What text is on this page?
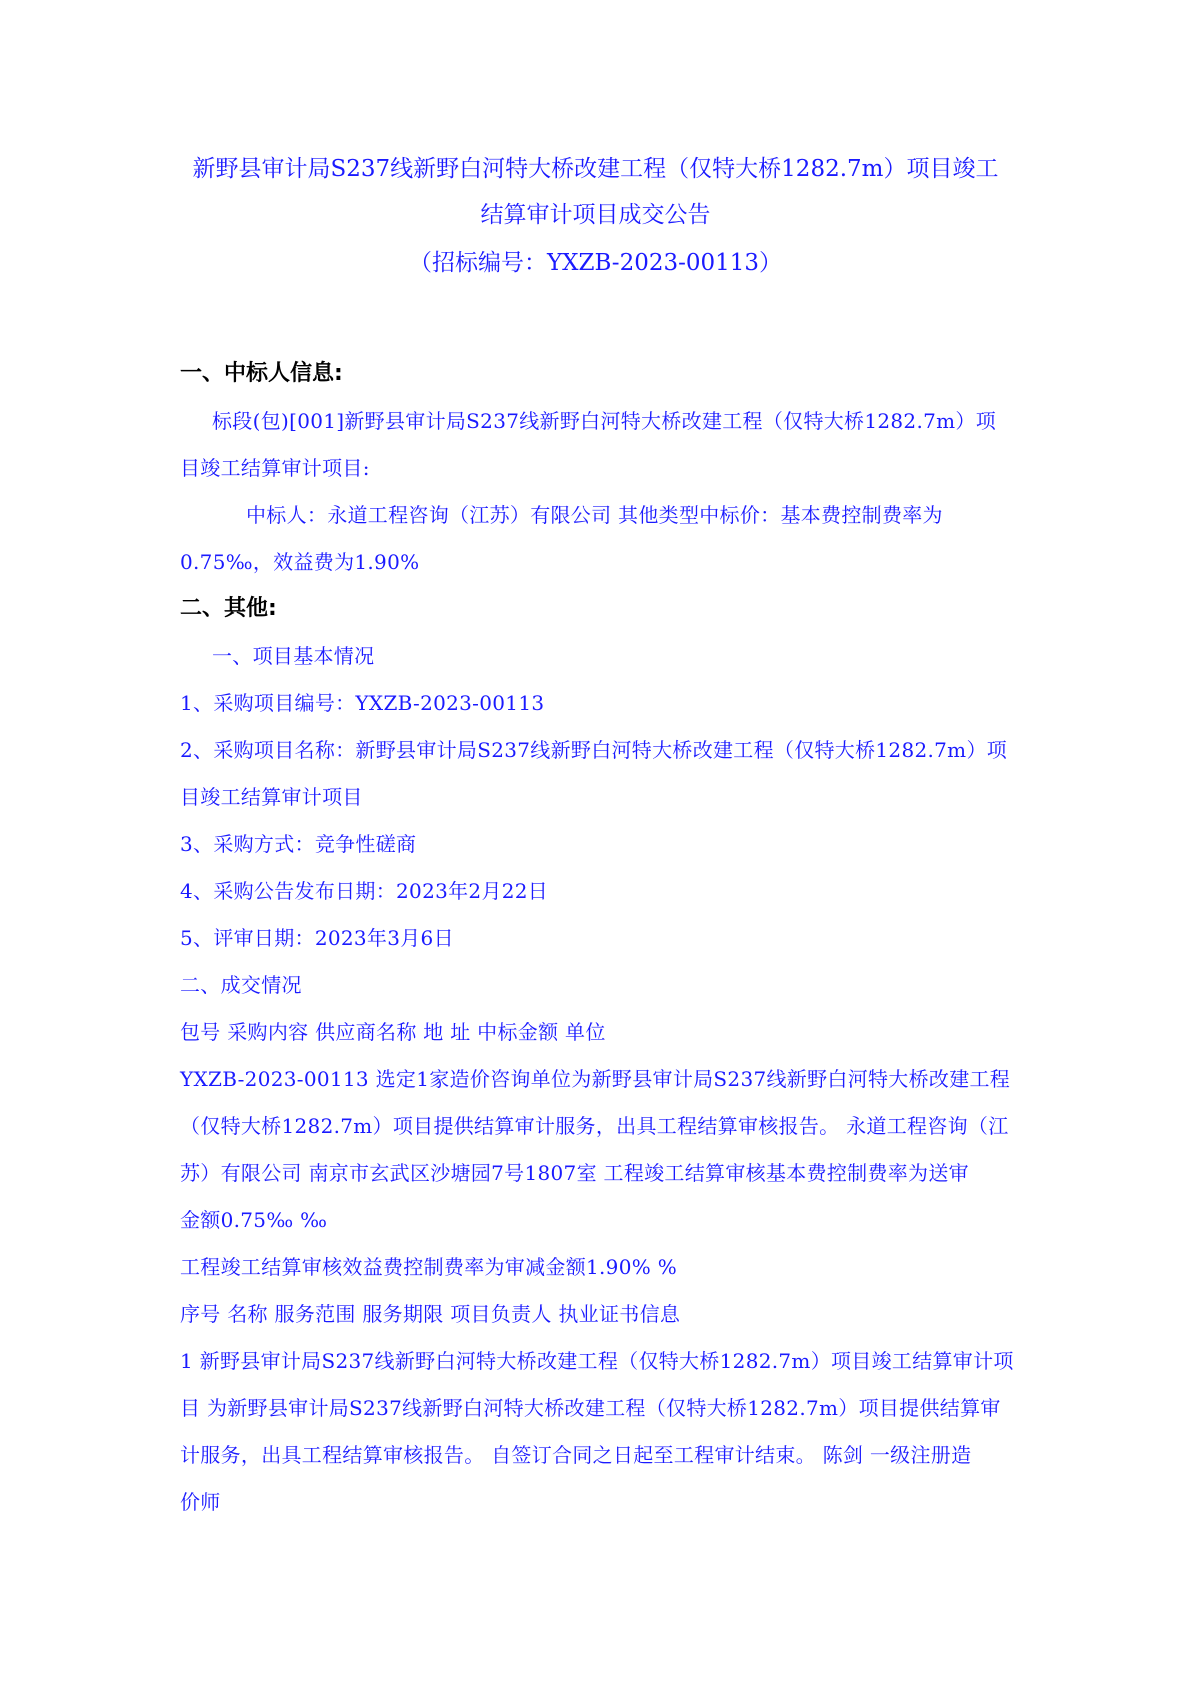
新野县审计局S237线新野白河特大桥改建工程（仅特大桥1282.7m）项目竣工
结算审计项目成交公告
（招标编号：YXZB-2023-00113）
一、中标人信息:
标段(包)[001]新野县审计局S237线新野白河特大桥改建工程（仅特大桥1282.7m）项
目竣工结算审计项目:
中标人：永道工程咨询（江苏）有限公司 其他类型中标价：基本费控制费率为
0.75‰，效益费为1.90%
二、其他:
一、项目基本情况
1、采购项目编号：YXZB-2023-00113
2、采购项目名称：新野县审计局S237线新野白河特大桥改建工程（仅特大桥1282.7m）项
目竣工结算审计项目
3、采购方式：竞争性磋商
4、采购公告发布日期：2023年2月22日
5、评审日期：2023年3月6日
二、成交情况
包号 采购内容 供应商名称 地 址 中标金额 单位
YXZB-2023-00113 选定1家造价咨询单位为新野县审计局S237线新野白河特大桥改建工程
（仅特大桥1282.7m）项目提供结算审计服务，出具工程结算审核报告。 永道工程咨询（江
苏）有限公司 南京市玄武区沙塘园7号1807室 工程竣工结算审核基本费控制费率为送审
金额0.75‰ ‰
工程竣工结算审核效益费控制费率为审减金额1.90% %
序号 名称 服务范围 服务期限 项目负责人 执业证书信息
1 新野县审计局S237线新野白河特大桥改建工程（仅特大桥1282.7m）项目竣工结算审计项
目 为新野县审计局S237线新野白河特大桥改建工程（仅特大桥1282.7m）项目提供结算审
计服务，出具工程结算审核报告。 自签订合同之日起至工程审计结束。 陈剑 一级注册造
价师
